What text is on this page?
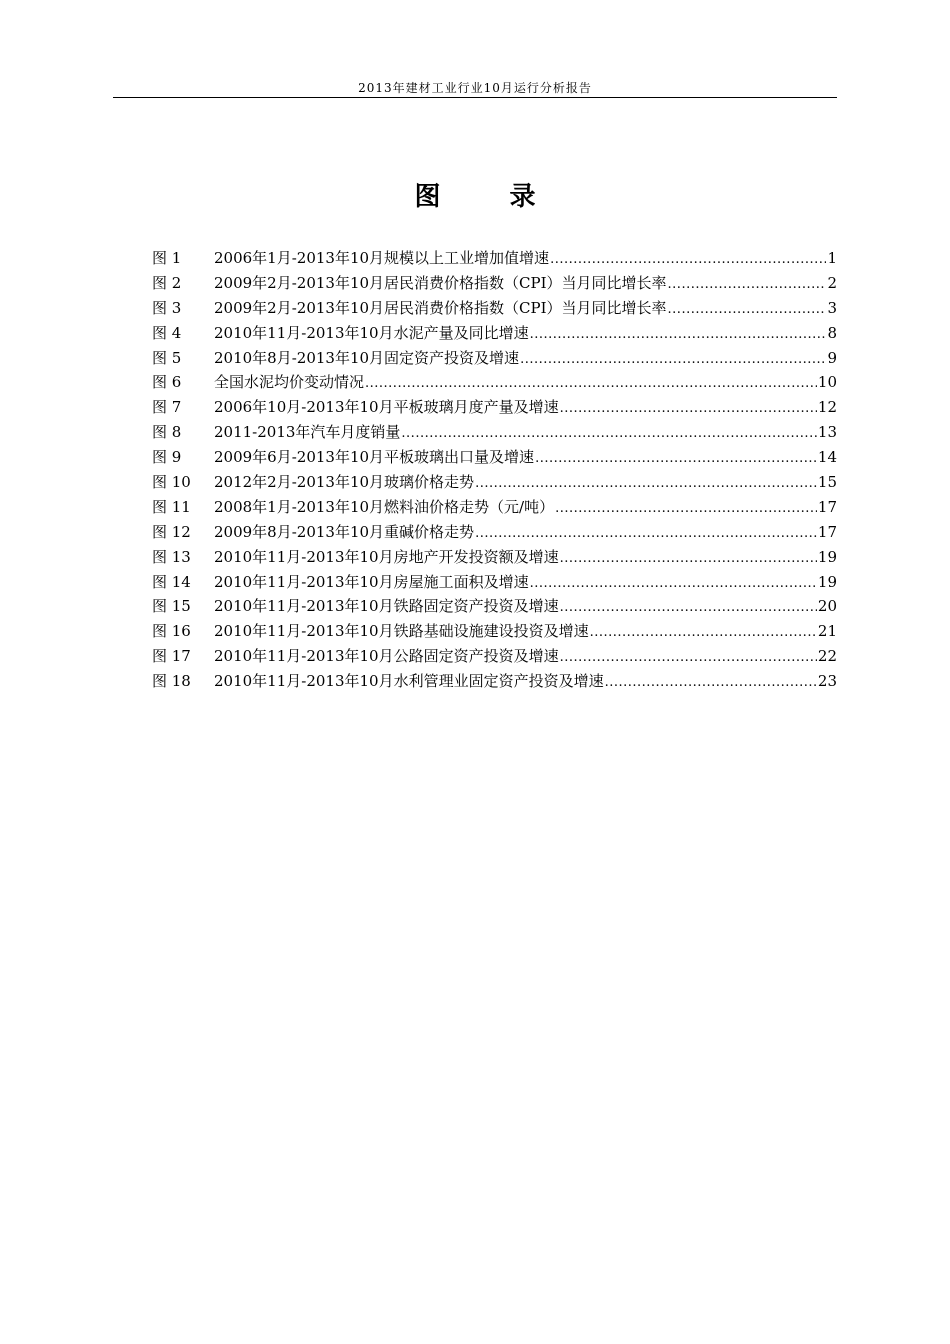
2013年建材工业行业10月运行分析报告
图 录
图 1	2006年1月-2013年10月规模以上工业增加值增速 .....	1
图 2	2009年2月-2013年10月居民消费价格指数（CPI）当月同比增长率 .....	2
图 3	2009年2月-2013年10月居民消费价格指数（CPI）当月同比增长率 .....	3
图 4	2010年11月-2013年10月水泥产量及同比增速 .....	8
图 5	2010年8月-2013年10月固定资产投资及增速 .....	9
图 6	全国水泥均价变动情况 .....	10
图 7	2006年10月-2013年10月平板玻璃月度产量及增速 .....	12
图 8	2011-2013年汽车月度销量 .....	13
图 9	2009年6月-2013年10月平板玻璃出口量及增速 .....	14
图 10	2012年2月-2013年10月玻璃价格走势 .....	15
图 11	2008年1月-2013年10月燃料油价格走势（元/吨） .....	17
图 12	2009年8月-2013年10月重碱价格走势 .....	17
图 13	2010年11月-2013年10月房地产开发投资额及增速 .....	19
图 14	2010年11月-2013年10月房屋施工面积及增速 .....	19
图 15	2010年11月-2013年10月铁路固定资产投资及增速 .....	20
图 16	2010年11月-2013年10月铁路基础设施建设投资及增速 .....	21
图 17	2010年11月-2013年10月公路固定资产投资及增速 .....	22
图 18	2010年11月-2013年10月水利管理业固定资产投资及增速 .....	23
